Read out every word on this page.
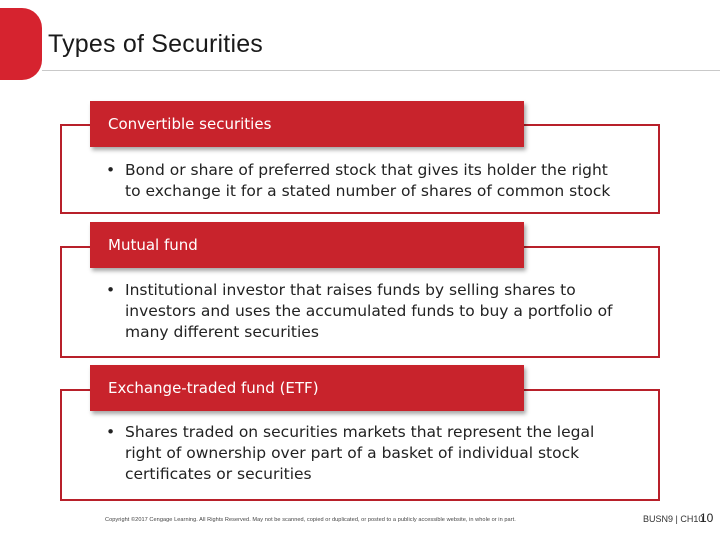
Types of Securities
Convertible securities
• Bond or share of preferred stock that gives its holder the right
to exchange it for a stated number of shares of common stock
Mutual fund
• Institutional investor that raises funds by selling shares to
investors and uses the accumulated funds to buy a portfolio of
many different securities
Exchange-traded fund (ETF)
• Shares traded on securities markets that represent the legal
right of ownership over part of a basket of individual stock
certificates or securities
Copyright ©2017 Cengage Learning. All Rights Reserved. May not be scanned, copied or duplicated, or posted to a publicly accessible website, in whole or in part.	BUSN9 | CH10
10
